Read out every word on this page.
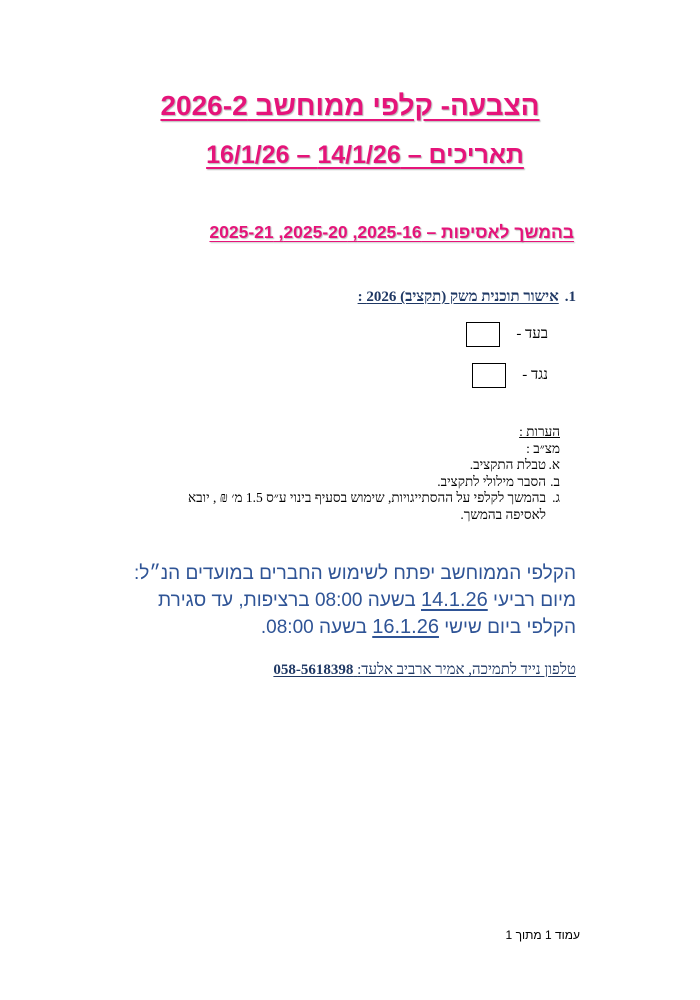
הצבעה- קלפי ממוחשב 2026-2
תאריכים – 14/1/26 – 16/1/26
בהמשך לאסיפות – 2025-16, 2025-20, 2025-21
1.
אישור תוכנית משק (תקציב) 2026 :
בעד -
נגד -
הערות :
מצ״ב :
א.
טבלת התקציב.
ב.
הסבר מילולי לתקציב.
ג.
בהמשך לקלפי על ההסתייגויות, שימוש בסעיף בינוי ע״ס 1.5 מ׳ ₪ , יובא
לאסיפה בהמשך.
הקלפי הממוחשב יפתח לשימוש החברים במועדים הנ״ל:
מיום רביעי 14.1.26 בשעה 08:00 ברציפות, עד סגירת
הקלפי ביום שישי 16.1.26 בשעה 08:00.
טלפון נייד לתמיכה, אמיר ארביב אלעד: 058-5618398
עמוד 1 מתוך 1
